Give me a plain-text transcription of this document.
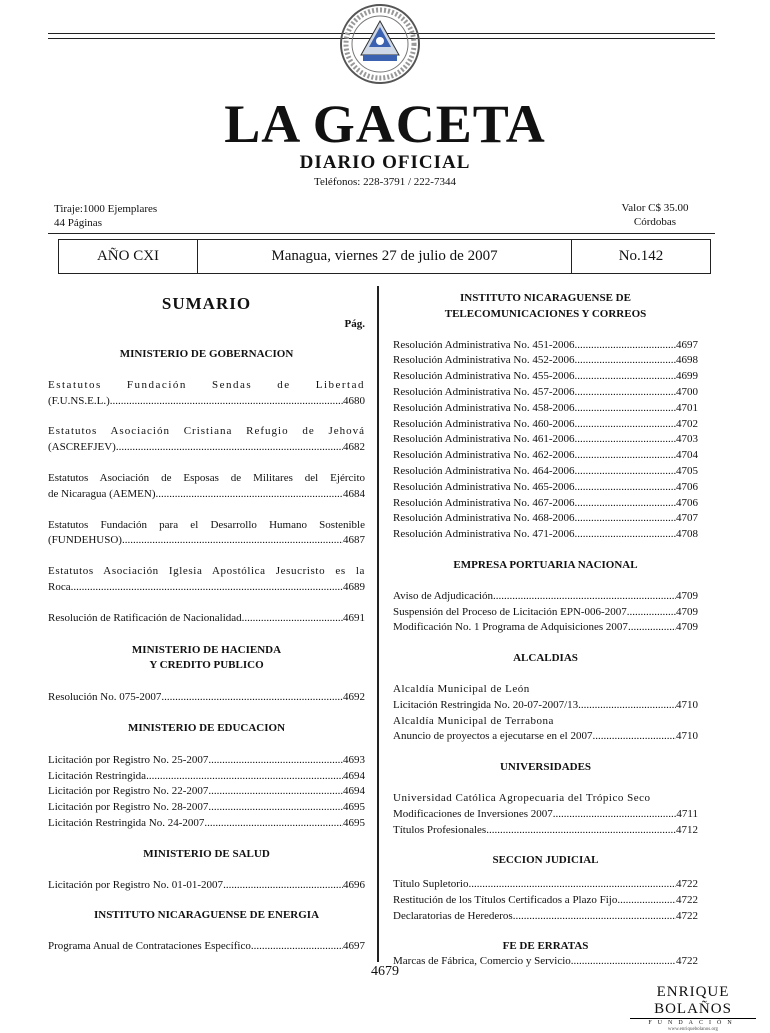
LA GACETA
DIARIO OFICIAL
Teléfonos: 228-3791 / 222-7344
Tiraje:1000 Ejemplares
44 Páginas
Valor C$ 35.00
Córdobas
AÑO CXI	Managua, viernes 27 de julio de 2007	No.142
SUMARIO
Pág.
MINISTERIO DE GOBERNACION
Estatutos Fundación Sendas de Libertad
(F.U.NS.E.L.) .....	4680
Estatutos Asociación Cristiana Refugio de Jehová
(ASCREFJEV) .....	4682
Estatutos Asociación de Esposas de Militares del Ejército
de Nicaragua (AEMEN) .....	4684
Estatutos Fundación para el Desarrollo Humano Sostenible
(FUNDEHUSO) .....	4687
Estatutos Asociación Iglesia Apostólica Jesucristo es la
Roca .....	4689
Resolución de Ratificación de Nacionalidad .....	4691
MINISTERIO DE HACIENDA
Y CREDITO PUBLICO
Resolución No. 075-2007. .....	4692
MINISTERIO DE EDUCACION
Licitación por Registro No. 25-2007 .....	4693
Licitación Restringida .....	4694
Licitación por Registro No. 22-2007 .....	4694
Licitación por Registro No. 28-2007 .....	4695
Licitación Restringida No. 24-2007 .....	4695
MINISTERIO DE SALUD
Licitación por Registro No. 01-01-2007 .....	4696
INSTITUTO NICARAGUENSE DE ENERGIA
Programa Anual de Contrataciones Específico .....	4697
INSTITUTO NICARAGUENSE DE
TELECOMUNICACIONES Y CORREOS
Resolución Administrativa No. 451-2006 .....	4697
Resolución Administrativa No. 452-2006 .....	4698
Resolución Administrativa No. 455-2006 .....	4699
Resolución Administrativa No. 457-2006 .....	4700
Resolución Administrativa No. 458-2006 .....	4701
Resolución Administrativa No. 460-2006 .....	4702
Resolución Administrativa No. 461-2006 .....	4703
Resolución Administrativa No. 462-2006 .....	4704
Resolución Administrativa No. 464-2006 .....	4705
Resolución Administrativa No. 465-2006 .....	4706
Resolución Administrativa No. 467-2006 .....	4706
Resolución Administrativa No. 468-2006 .....	4707
Resolución Administrativa No. 471-2006 .....	4708
EMPRESA PORTUARIA NACIONAL
Aviso de Adjudicación .....	4709
Suspensión del Proceso de Licitación EPN-006-2007 .....	4709
Modificación No. 1 Programa de Adquisiciones 2007 .....	4709
ALCALDIAS
Alcaldía Municipal de León
Licitación Restringida No. 20-07-2007/13 .....	4710
Alcaldía Municipal de Terrabona
Anuncio de proyectos a ejecutarse en el 2007 .....	4710
UNIVERSIDADES
Universidad Católica Agropecuaria del Trópico Seco
Modificaciones de Inversiones 2007 .....	4711
Títulos Profesionales .....	4712
SECCION JUDICIAL
Título Supletorio .....	4722
Restitución de los Títulos Certificados a Plazo Fijo .....	4722
Declaratorias de Herederos .....	4722
FE DE ERRATAS
Marcas de Fábrica, Comercio y Servicio .....	4722
4679
ENRIQUE BOLAÑOS
FUNDACIÓN
www.enriquebolanos.org
